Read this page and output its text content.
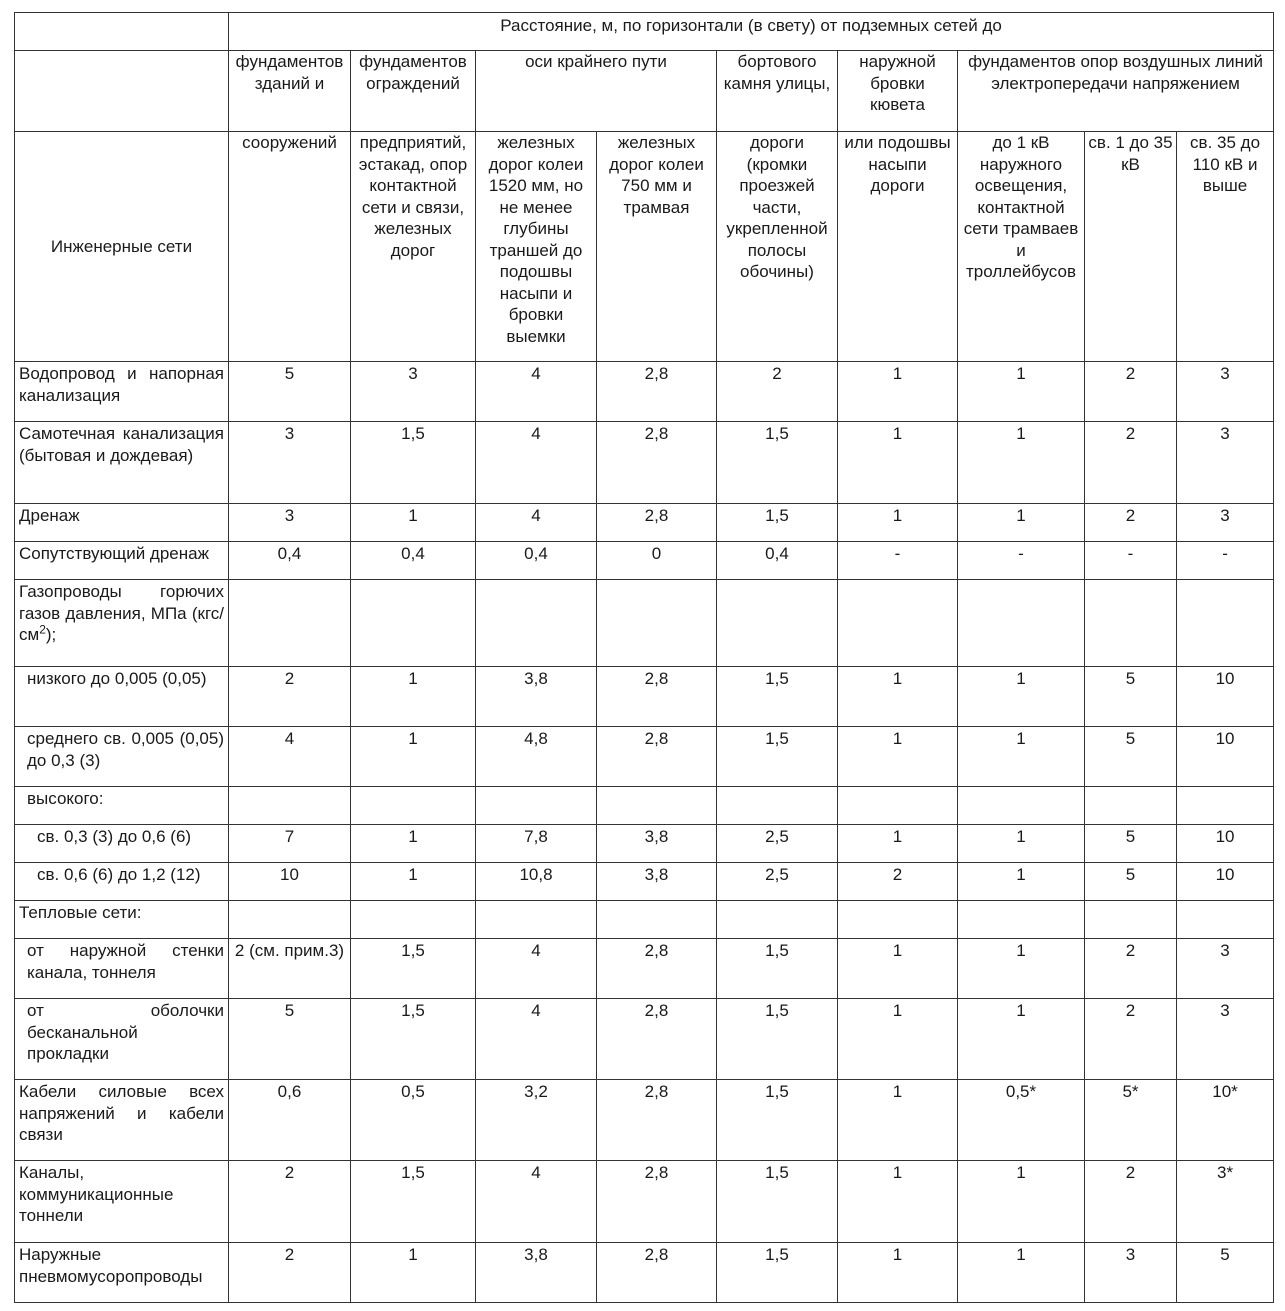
	Расстояние, м, по горизонтали (в свету) от подземных сетей до								
	фундаментов зданий и	фундаментов ограждений	оси крайнего пути		бортового камня улицы,	наружной бровки кювета	фундаментов опор воздушных линий электропередачи напряжением		
Инженерные сети	сооружений	предприятий, эстакад, опор контактной сети и связи, железных дорог	железных дорог колеи 1520 мм, но не менее глубины траншей до подошвы насыпи и бровки выемки	железных дорог колеи 750 мм и трамвая	дороги (кромки проезжей части, укрепленной полосы обочины)	или подошвы насыпи дороги	до 1 кВ наружного освещения, контактной сети трамваев и троллейбусов	св. 1 до 35 кВ	св. 35 до 110 кВ и выше
Водопровод и напорная канализация	5	3	4	2,8	2	1	1	2	3
Самотечная канализация (бытовая и дождевая)	3	1,5	4	2,8	1,5	1	1	2	3
Дренаж	3	1	4	2,8	1,5	1	1	2	3
Сопутствующий дренаж	0,4	0,4	0,4	0	0,4	-	-	-	-
Газопроводы горючих газов давления, МПа $(кгс/см^2)$;									
низкого до 0,005 (0,05)	2	1	3,8	2,8	1,5	1	1	5	10
среднего св. 0,005 (0,05) до 0,3 (3)	4	1	4,8	2,8	1,5	1	1	5	10
высокого:									
св. 0,3 (3) до 0,6 (6)	7	1	7,8	3,8	2,5	1	1	5	10
св. 0,6 (6) до 1,2 (12)	10	1	10,8	3,8	2,5	2	1	5	10
Тепловые сети:									
от наружной стенки канала, тоннеля	2 (см. прим.3)	1,5	4	2,8	1,5	1	1	2	3
от оболочки бесканальной прокладки	5	1,5	4	2,8	1,5	1	1	2	3
Кабели силовые всех напряжений и кабели связи	0,6	0,5	3,2	2,8	1,5	1	0,5*	5*	10*
Каналы, коммуникационные тоннели	2	1,5	4	2,8	1,5	1	1	2	3*
Наружные пневмомусоропроводы	2	1	3,8	2,8	1,5	1	1	3	5
